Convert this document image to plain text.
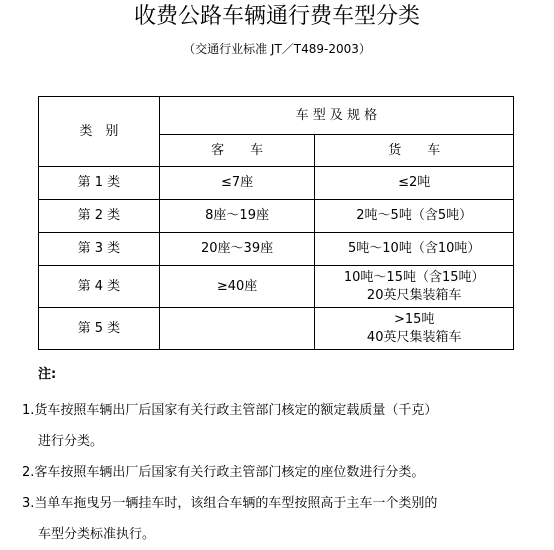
收费公路车辆通行费车型分类
（交通行业标准 JT／T489-2003）
类　别	车 型 及 规 格	
	客　　车	货　　车
第 1 类	≤7座	≤2吨
第 2 类	8座～19座	2吨～5吨（含5吨）
第 3 类	20座～39座	5吨～10吨（含10吨）
第 4 类	≥40座	10吨～15吨（含15吨）
20英尺集装箱车

第 5 类		>15吨
40英尺集装箱车
注:
1.货车按照车辆出厂后国家有关行政主管部门核定的额定载质量（千克）
进行分类。
2.客车按照车辆出厂后国家有关行政主管部门核定的座位数进行分类。
3.当单车拖曳另一辆挂车时，该组合车辆的车型按照高于主车一个类别的
车型分类标准执行。
